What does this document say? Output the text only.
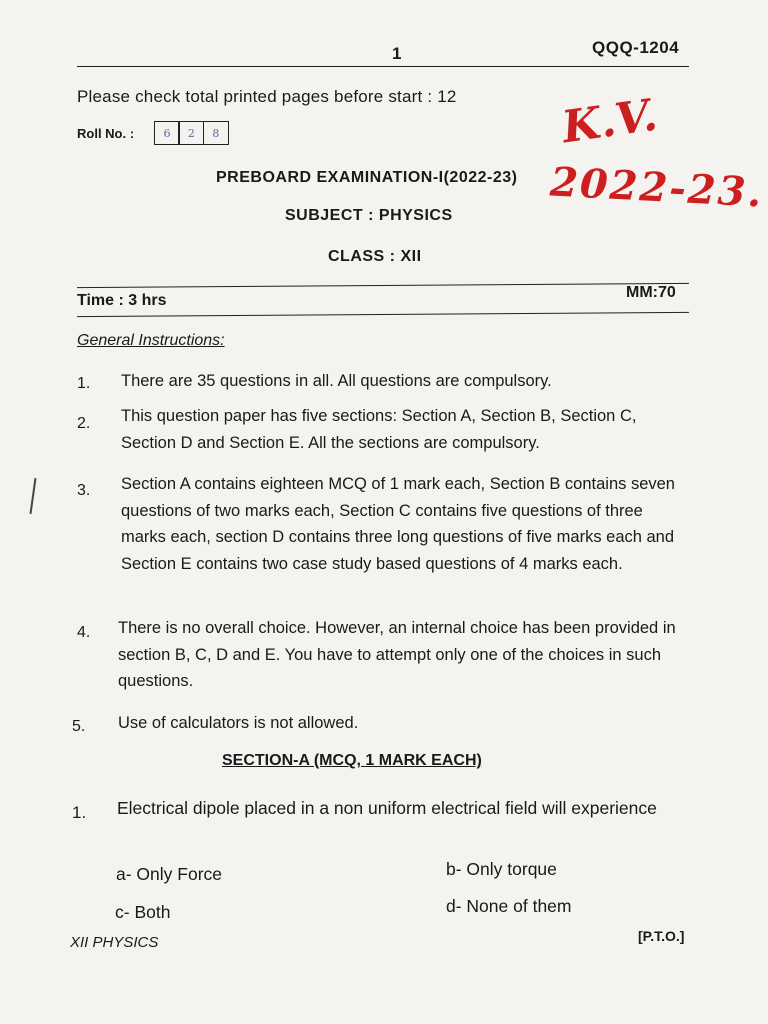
1	QQQ-1204
Please check total printed pages before start : 12
Roll No. :	6	2	8	K.V.
2022-23.
PREBOARD EXAMINATION-I(2022-23)
SUBJECT : PHYSICS
CLASS : XII
Time : 3 hrs	MM:70
General Instructions:
1. There are 35 questions in all. All questions are compulsory.
2. This question paper has five sections: Section A, Section B, Section C, Section D and Section E. All the sections are compulsory.
3. Section A contains eighteen MCQ of 1 mark each, Section B contains seven questions of two marks each, Section C contains five questions of three marks each, section D contains three long questions of five marks each and Section E contains two case study based questions of 4 marks each.
4. There is no overall choice. However, an internal choice has been provided in section B, C, D and E. You have to attempt only one of the choices in such questions.
5. Use of calculators is not allowed.
SECTION-A (MCQ, 1 MARK EACH)
1. Electrical dipole placed in a non uniform electrical field will experience
a- Only Force	b- Only torque
c- Both	d- None of them
XII PHYSICS	[P.T.O.]
